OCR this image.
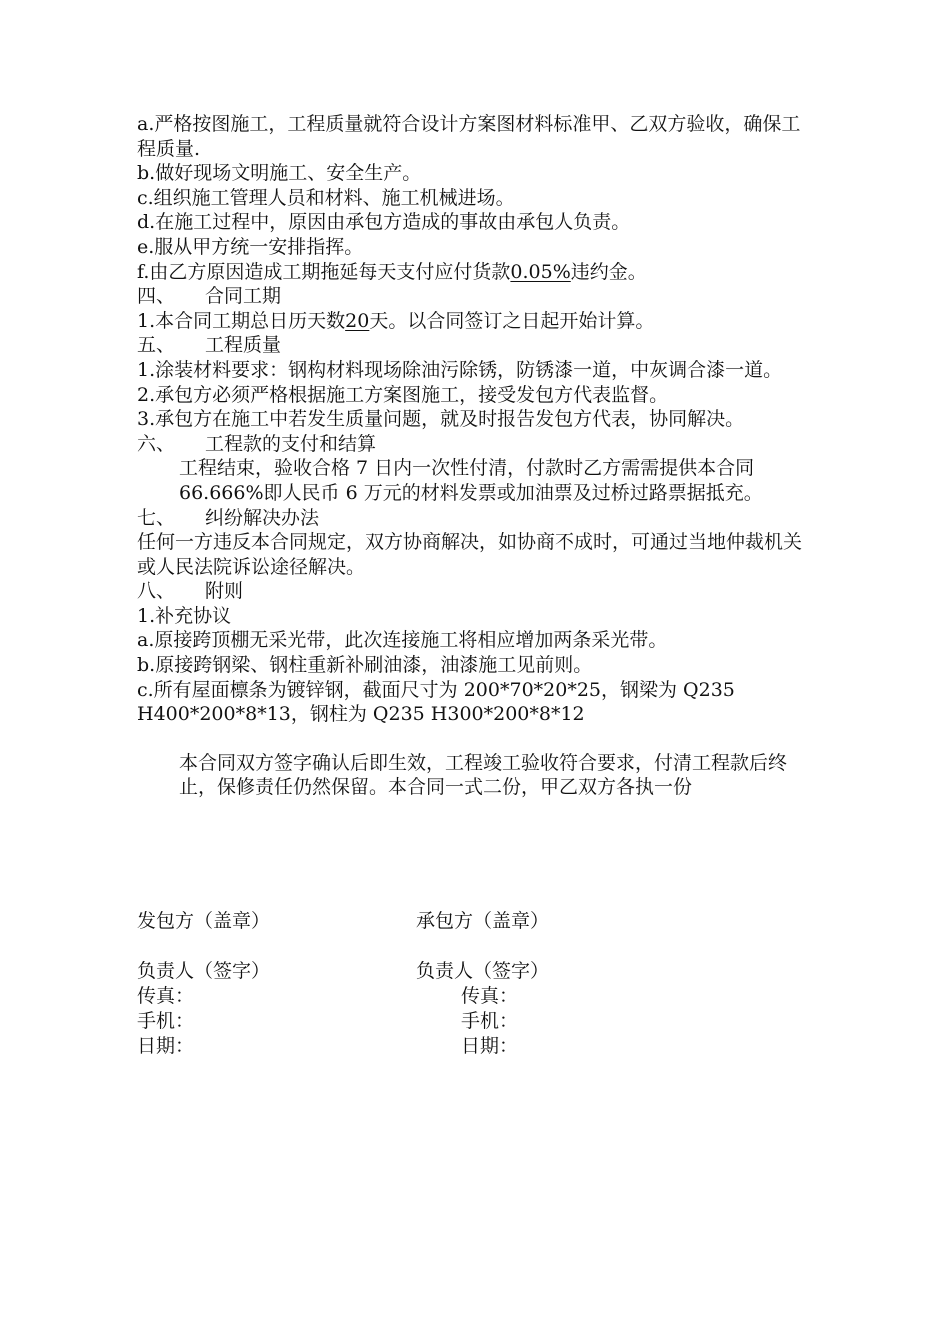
a.严格按图施工，工程质量就符合设计方案图材料标准甲、乙双方验收，确保工程质量.
b.做好现场文明施工、安全生产。
c.组织施工管理人员和材料、施工机械进场。
d.在施工过程中，原因由承包方造成的事故由承包人负责。
e.服从甲方统一安排指挥。
f.由乙方原因造成工期拖延每天支付应付货款0.05%违约金。
四、 合同工期
1.本合同工期总日历天数20天。以合同签订之日起开始计算。
五、 工程质量
1.涂装材料要求：钢构材料现场除油污除锈，防锈漆一道，中灰调合漆一道。
2.承包方必须严格根据施工方案图施工，接受发包方代表监督。
3.承包方在施工中若发生质量问题，就及时报告发包方代表，协同解决。
六、 工程款的支付和结算
工程结束，验收合格 7 日内一次性付清，付款时乙方需需提供本合同 66.666%即人民币 6 万元的材料发票或加油票及过桥过路票据抵充。
七、 纠纷解决办法
任何一方违反本合同规定，双方协商解决，如协商不成时，可通过当地仲裁机关或人民法院诉讼途径解决。
八、 附则
1.补充协议
a.原接跨顶棚无采光带，此次连接施工将相应增加两条采光带。
b.原接跨钢梁、钢柱重新补刷油漆，油漆施工见前则。
c.所有屋面檩条为镀锌钢，截面尺寸为 200*70*20*25，钢梁为 Q235
H400*200*8*13，钢柱为 Q235 H300*200*8*12
本合同双方签字确认后即生效，工程竣工验收符合要求，付清工程款后终止，保修责任仍然保留。本合同一式二份，甲乙双方各执一份
发包方（盖章）	承包方（盖章）
负责人（签字）	负责人（签字）
传真：	传真：
手机：	手机：
日期：	日期：
